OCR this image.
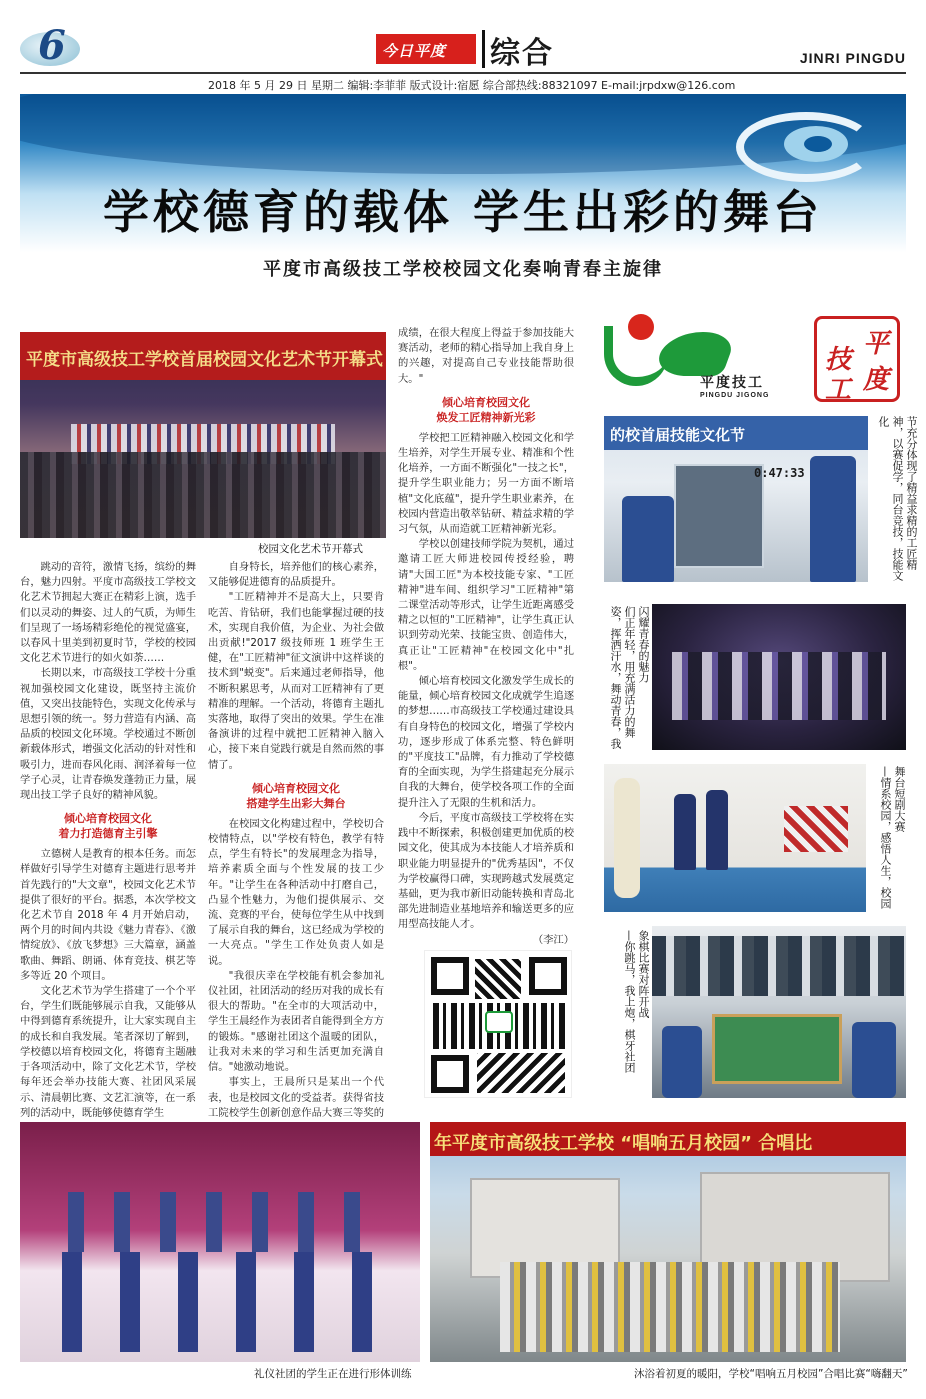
6	今日平度	综合	JINRI PINGDU
2018 年 5 月 29 日 星期二 编辑:李菲菲 版式设计:宿愿 综合部热线:88321097 E-mail:jrpdxw@126.com
学校德育的载体 学生出彩的舞台
平度市高级技工学校校园文化奏响青春主旋律
平度市高级技工学校首届校园文化艺术节开幕式
校园文化艺术节开幕式

跳动的音符，激情飞扬，缤纷的舞台，魅力四射。平度市高级技工学校文化艺术节拥起大赛正在精彩上演，选手们以灵动的舞姿、过人的气质，为师生们呈现了一场场精彩绝伦的视觉盛宴，以春风十里美到初夏时节，学校的校园文化艺术节进行的如火如荼……

长期以来，市高级技工学校十分重视加强校园文化建设，既坚持主流价值，又突出技能特色，实现文化传承与思想引领的统一。努力营造有内涵、高品质的校园文化环境。学校通过不断创新载体形式，增强文化活动的针对性和吸引力，进而春风化雨、润泽着每一位学子心灵，让青春焕发蓬勃正力量，展现出技工学子良好的精神风貌。

倾心培育校园文化
着力打造德育主引擎

立德树人是教育的根本任务。而怎样做好引导学生对德育主题进行思考并首先践行的"大文章"，校园文化艺术节提供了很好的平台。据悉，本次学校文化艺术节自 2018 年 4 月开始启动，两个月的时间内共设《魅力青春》、《激情绽放》、《放飞梦想》三大篇章，涵盖歌曲、舞蹈、朗诵、体育竞技、棋艺等多等近 20 个项目。

文化艺术节为学生搭建了一个个平台，学生们既能够展示自我，又能够从中得到德育系统提升，让大家实现自主的成长和自我发展。笔者深切了解到，学校德以培育校园文化，将德育主题融于各项活动中，除了文化艺术节，学校每年还会举办技能大赛、社团风采展示、清晨朝比赛、文艺汇演等，在一系列的活动中，既能够使德育学生

自身特长，培养他们的核心素养，又能够促进德育的品质提升。

"工匠精神并不是高大上，只要肯吃苦、肯钻研，我们也能掌握过硬的技术，实现自我价值，为企业、为社会做出贡献!"2017 级技师班 1 班学生王健，在"工匠精神"征文演讲中这样谈的技术到"蜕变"。后来通过老师指导，他不断积累思考，从而对工匠精神有了更精准的理解。一个活动，将德育主题扎实落地，取得了突出的效果。学生在准备演讲的过程中就把工匠精神入脑入心，接下来自觉践行就是自然而然的事情了。

倾心培育校园文化
搭建学生出彩大舞台

在校园文化构建过程中，学校切合校情特点，以"学校有特色，教学有特点，学生有特长"的发展理念为指导，培养素质全面与个性发展的技工少年。"让学生在各种活动中打磨自己，凸显个性魅力，为他们提供展示、交流、竞赛的平台，使每位学生从中找到了展示自我的舞台，这已经成为学校的一大亮点。"学生工作处负责人如是说。

"我很庆幸在学校能有机会参加礼仪社团，社团活动的经历对我的成长有很大的帮助。"在全市的大项活动中，学生王晨经作为表团者自能得到全方方的锻炼。"感谢社团这个温暖的团队，让我对未来的学习和生活更加充满自信。"她激动地说。

事实上，王晨所只是某出一个代表，也是校园文化的受益者。获得省技工院校学生创新创意作品大赛三等奖的

成绩，在很大程度上得益于参加技能大赛活动，老师的精心指导加上我自身上的兴趣，对提高自己专业技能帮助很大。"

倾心培育校园文化
焕发工匠精神新光彩

学校把工匠精神融入校园文化和学生培养，对学生开展专业、精准和个性化培养，一方面不断强化"一技之长"，提升学生职业能力；另一方面不断培植"文化底蕴"，提升学生职业素养，在校园内营造出敬萃钻研、精益求精的学习气氛，从而造就工匠精神新光彩。

学校以创建技师学院为契机，通过邀请工匠大师进校园传授经验，聘请"大国工匠"为本校技能专家、"工匠精神"进车间、组织学习"工匠精神"第二课堂活动等形式，让学生近距离感受精之以恒的"工匠精神"，让学生真正认识到劳动光荣、技能宝贵、创造伟大，真正让"工匠精神"在校园文化中"扎根"。

倾心培育校园文化激发学生成长的能量，倾心培育校园文化成就学生追逐的梦想……市高级技工学校通过建设具有自身特色的校园文化，增强了学校内功，逐步形成了体系完整、特色鲜明的"平度技工"品牌，有力推动了学校德育的全面实现，为学生搭建起充分展示自我的大舞台，使学校各项工作的全面提升注入了无限的生机和活力。

今后，平度市高级技工学校将在实践中不断探索，积极创建更加优质的校园文化，使其成为本技能人才培养质和职业能力明显提升的"优秀基因"，不仅为学校赢得口碑，实现跨越式发展奠定基础，更为我市新旧动能转换和青岛北部先进制造业基地培养和输送更多的应用型高技能人才。

（李江）

平度技工
PINGDU JIGONG
平
技
工 度
的校首届技能文化节
0:47:33	节充分体现了精益求精的工匠精神，以赛促学，同台竞技，技能文化
闪耀青春的魅力
们正年轻，用充满活力的舞姿，挥洒汗水，舞动青春，我
舞台短剧大赛
—情系校园，感悟人生，校园
象棋比赛对阵开战
—你跳马，我上炮，棋牙社团
礼仪社团的学生正在进行形体训练
年平度市高级技工学校 “唱响五月校园” 合唱比
沐浴着初夏的暖阳，学校“唱响五月校园”合唱比赛“嗨翻天”
